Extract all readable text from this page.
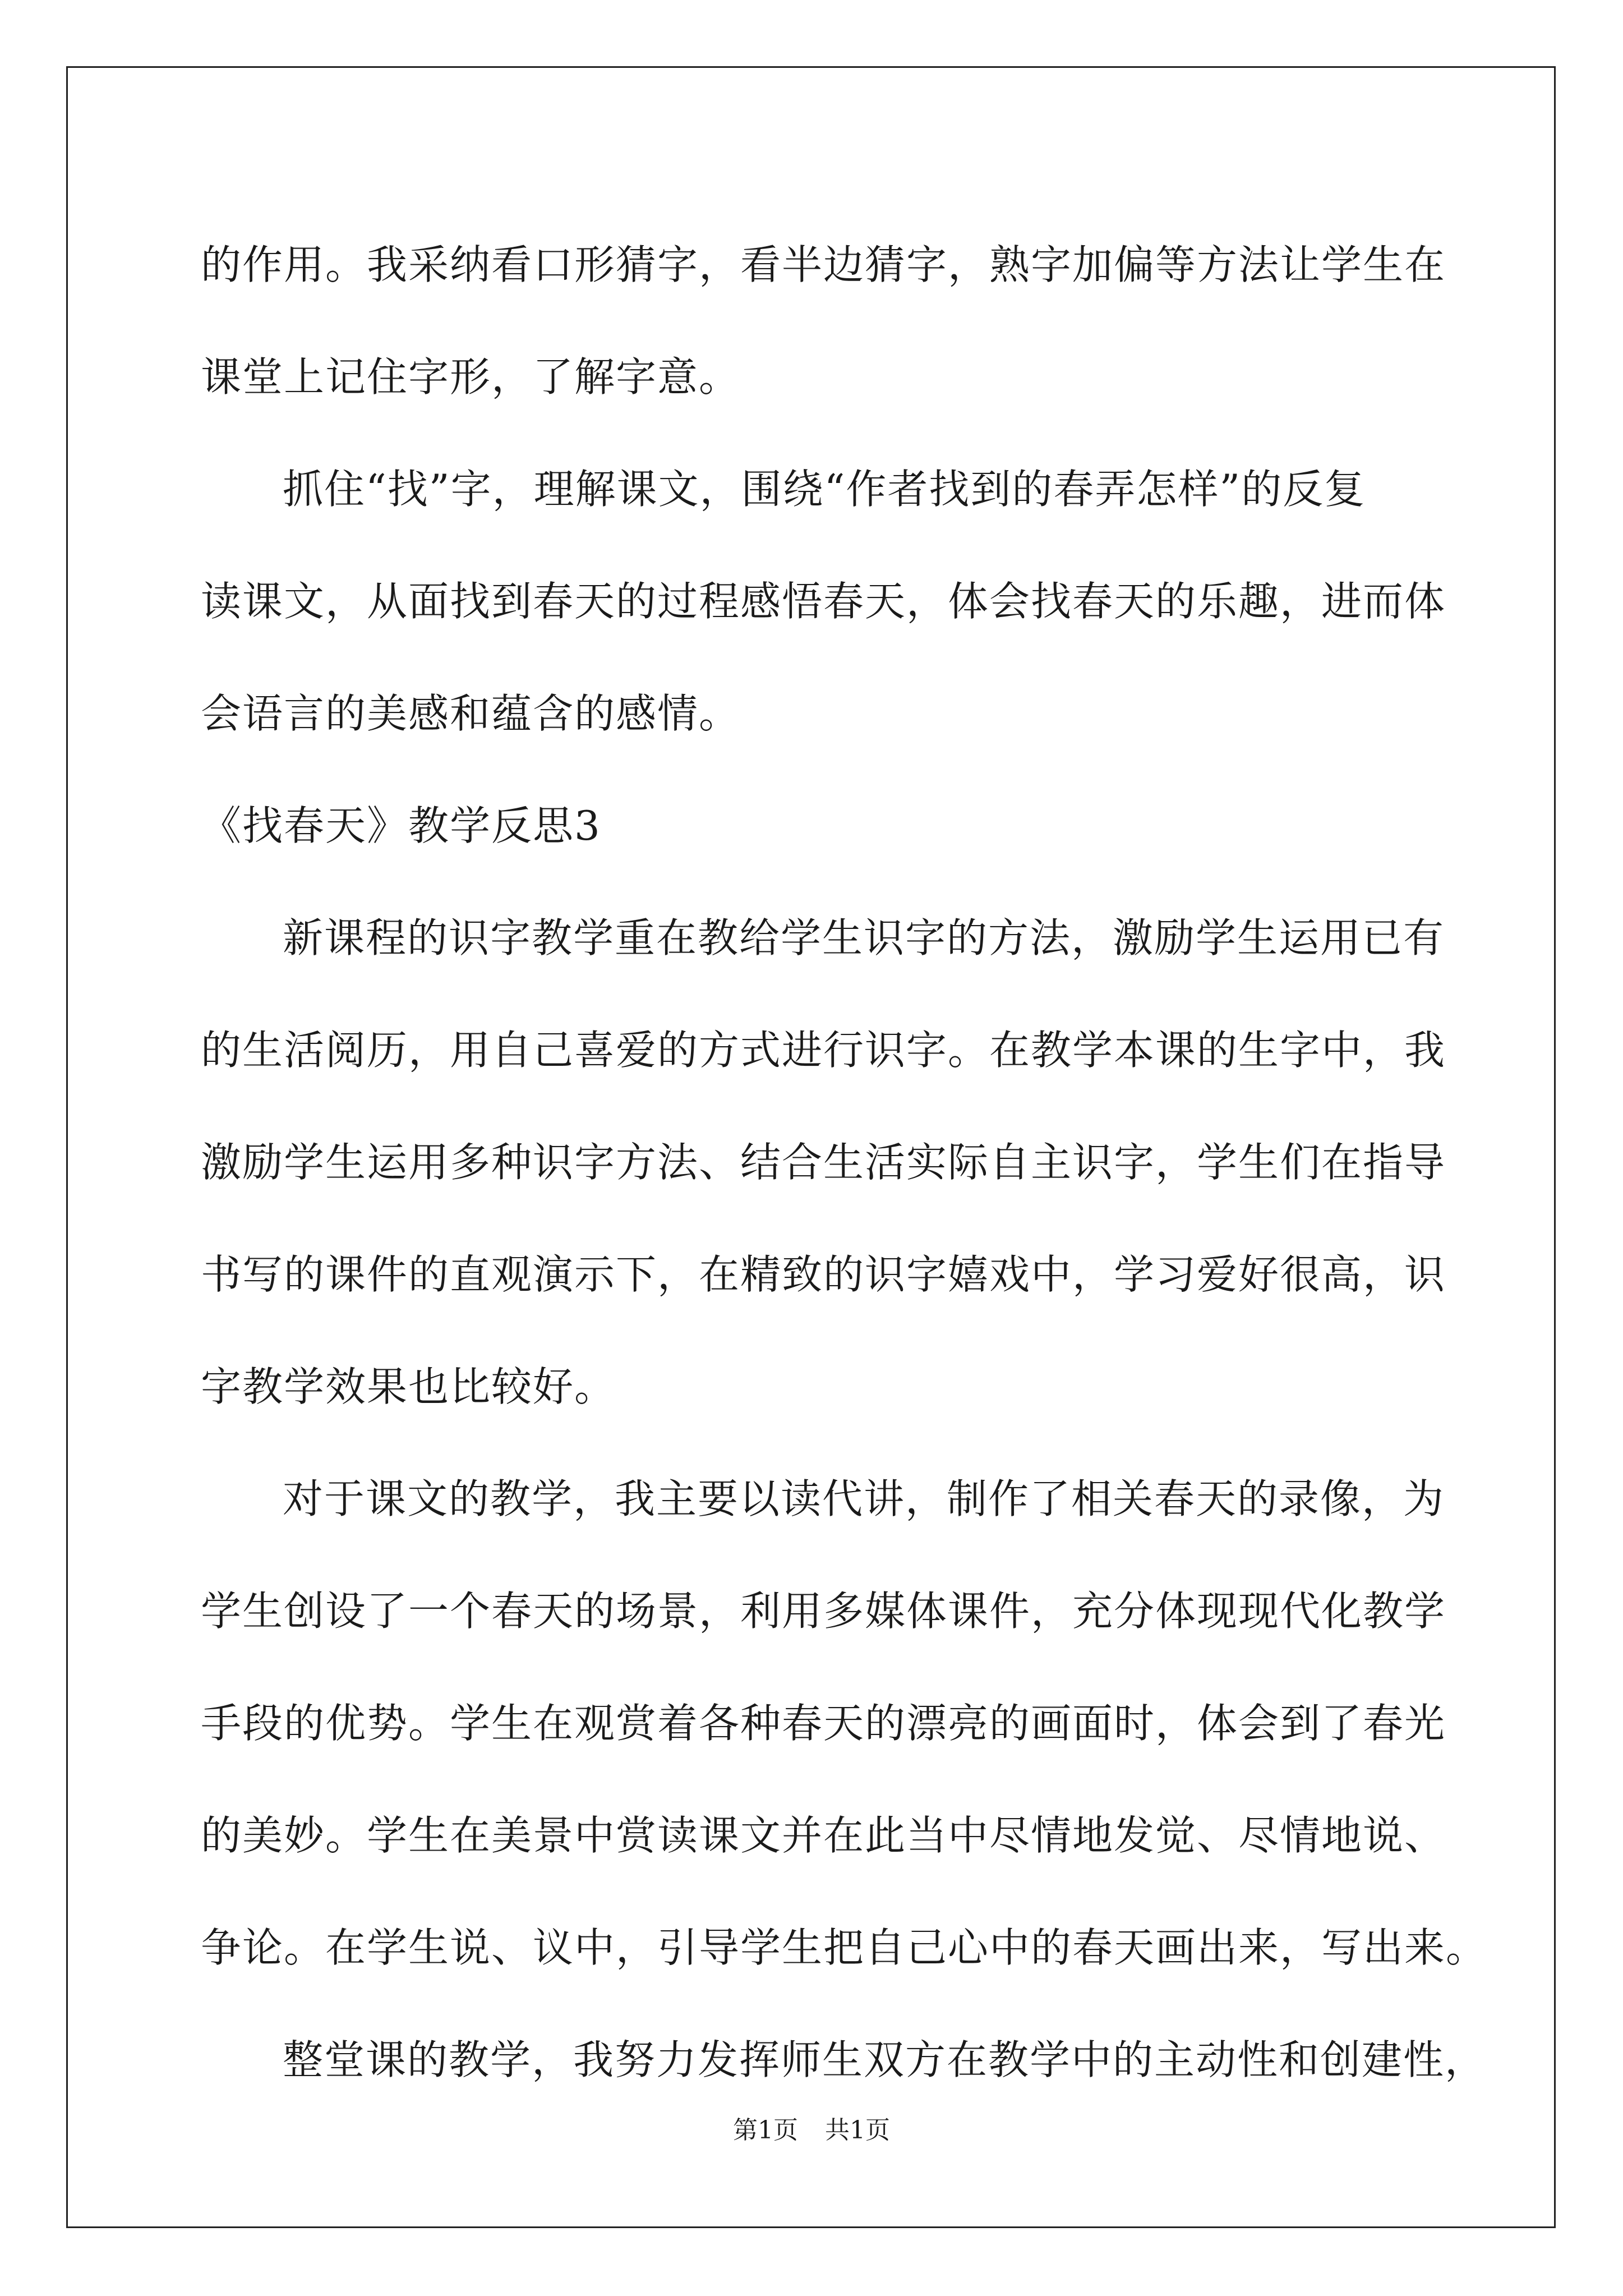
的作用。我采纳看口形猜字，看半边猜字，熟字加偏等方法让学生在
课堂上记住字形，了解字意。
抓住“找”字，理解课文，围绕“作者找到的春弄怎样”的反复
读课文，从面找到春天的过程感悟春天，体会找春天的乐趣，进而体
会语言的美感和蕴含的感情。
《找春天》教学反思3
新课程的识字教学重在教给学生识字的方法，激励学生运用已有
的生活阅历，用自己喜爱的方式进行识字。在教学本课的生字中，我
激励学生运用多种识字方法、结合生活实际自主识字，学生们在指导
书写的课件的直观演示下，在精致的识字嬉戏中，学习爱好很高，识
字教学效果也比较好。
对于课文的教学，我主要以读代讲，制作了相关春天的录像，为
学生创设了一个春天的场景，利用多媒体课件，充分体现现代化教学
手段的优势。学生在观赏着各种春天的漂亮的画面时，体会到了春光
的美妙。学生在美景中赏读课文并在此当中尽情地发觉、尽情地说、
争论。在学生说、议中，引导学生把自己心中的春天画出来，写出来。
整堂课的教学，我努力发挥师生双方在教学中的主动性和创建性，
第1页 共1页
